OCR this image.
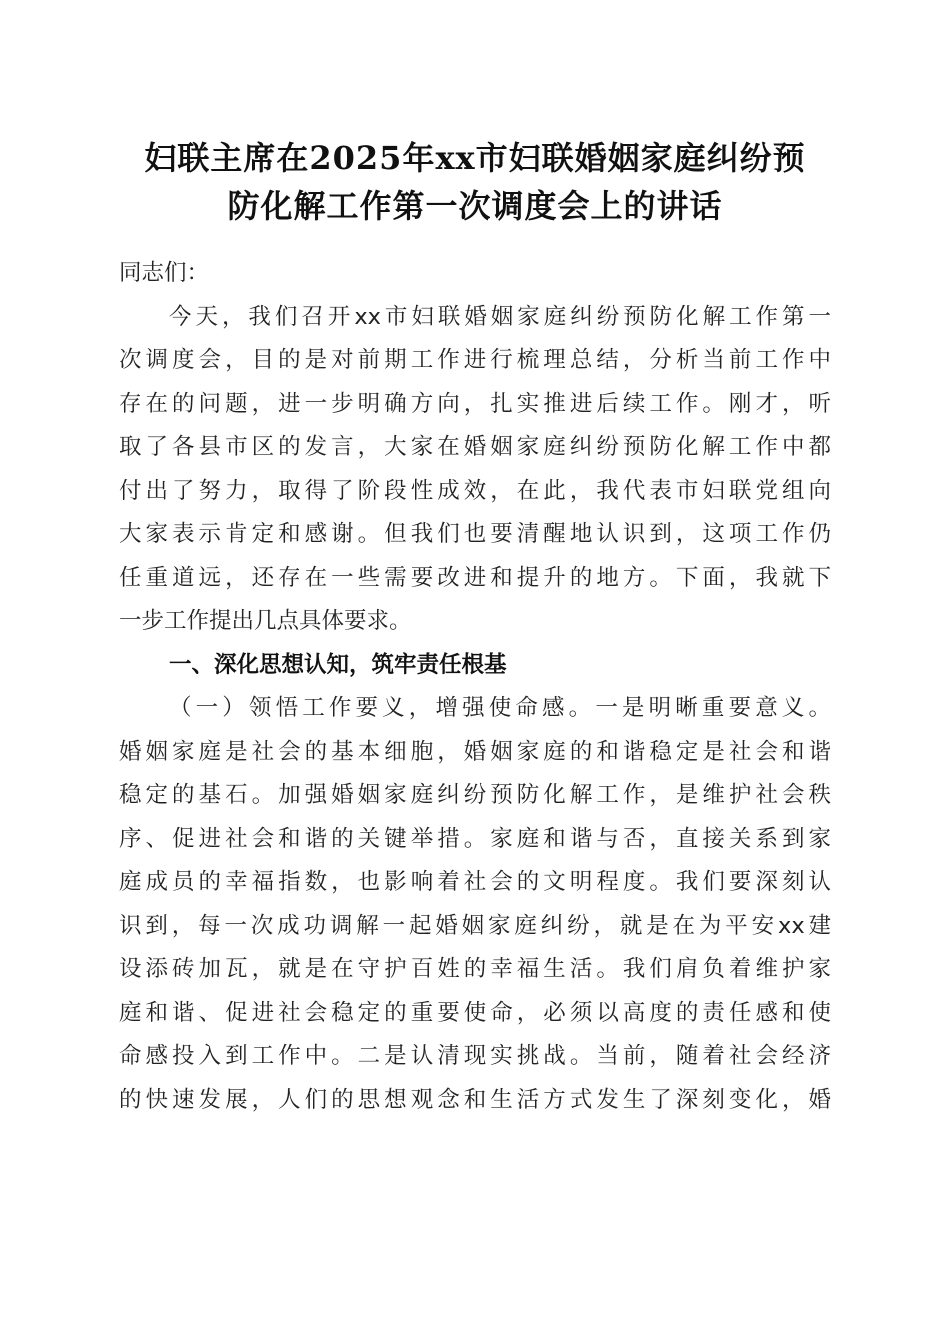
妇联主席在2025年xx市妇联婚姻家庭纠纷预
防化解工作第一次调度会上的讲话
同志们：
今天，我们召开xx市妇联婚姻家庭纠纷预防化解工作第一
次调度会，目的是对前期工作进行梳理总结，分析当前工作中
存在的问题，进一步明确方向，扎实推进后续工作。刚才，听
取了各县市区的发言，大家在婚姻家庭纠纷预防化解工作中都
付出了努力，取得了阶段性成效，在此，我代表市妇联党组向
大家表示肯定和感谢。但我们也要清醒地认识到，这项工作仍
任重道远，还存在一些需要改进和提升的地方。下面，我就下
一步工作提出几点具体要求。
一、深化思想认知，筑牢责任根基
（一）领悟工作要义，增强使命感。一是明晰重要意义。
婚姻家庭是社会的基本细胞，婚姻家庭的和谐稳定是社会和谐
稳定的基石。加强婚姻家庭纠纷预防化解工作，是维护社会秩
序、促进社会和谐的关键举措。家庭和谐与否，直接关系到家
庭成员的幸福指数，也影响着社会的文明程度。我们要深刻认
识到，每一次成功调解一起婚姻家庭纠纷，就是在为平安xx建
设添砖加瓦，就是在守护百姓的幸福生活。我们肩负着维护家
庭和谐、促进社会稳定的重要使命，必须以高度的责任感和使
命感投入到工作中。二是认清现实挑战。当前，随着社会经济
的快速发展，人们的思想观念和生活方式发生了深刻变化，婚
